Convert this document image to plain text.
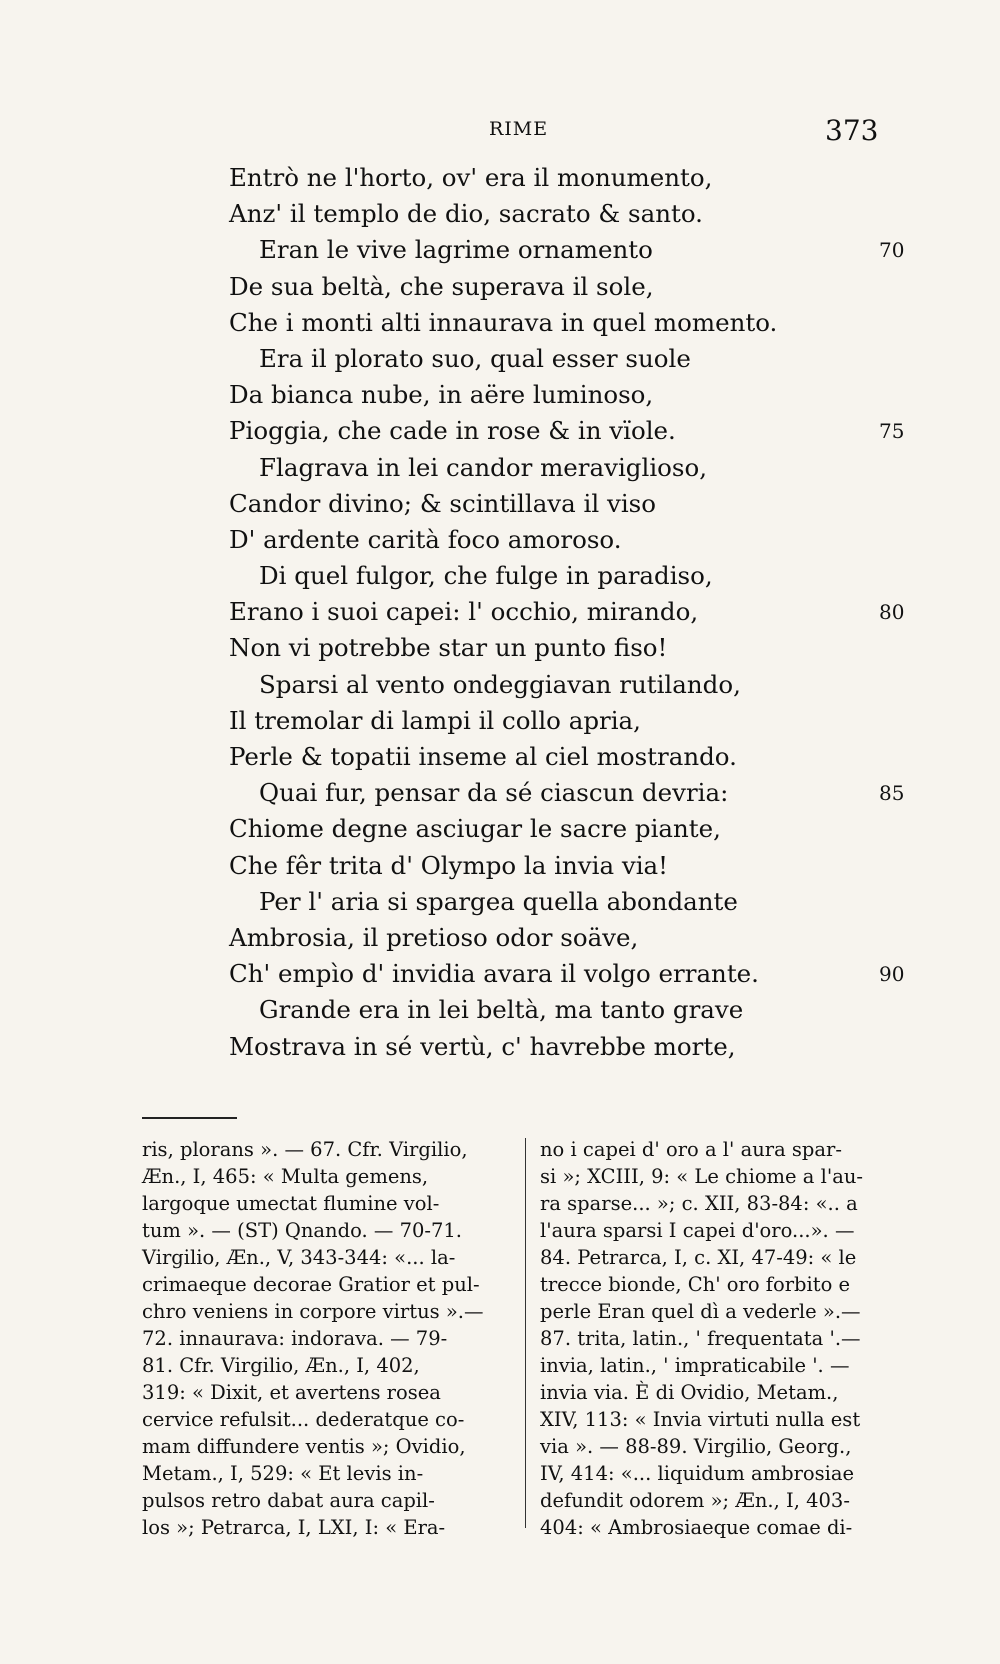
RIME	373
Entrò ne l'horto, ov' era il monumento,
Anz' il templo de dio, sacrato & santo.
Eran le vive lagrime ornamento	70
De sua beltà, che superava il sole,
Che i monti alti innaurava in quel momento.
Era il plorato suo, qual esser suole
Da bianca nube, in aëre luminoso,
Pioggia, che cade in rose & in vïole.	75
Flagrava in lei candor meraviglioso,
Candor divino; & scintillava il viso
D' ardente carità foco amoroso.
Di quel fulgor, che fulge in paradiso,
Erano i suoi capei: l' occhio, mirando,	80
Non vi potrebbe star un punto fiso!
Sparsi al vento ondeggiavan rutilando,
Il tremolar di lampi il collo apria,
Perle & topatii inseme al ciel mostrando.
Quai fur, pensar da sé ciascun devria:	85
Chiome degne asciugar le sacre piante,
Che fêr trita d' Olympo la invia via!
Per l' aria si spargea quella abondante
Ambrosia, il pretioso odor soäve,
Ch' empìo d' invidia avara il volgo errante.	90
Grande era in lei beltà, ma tanto grave
Mostrava in sé vertù, c' havrebbe morte,
ris, plorans ». — 67. Cfr. Virgilio,
Æn., I, 465: « Multa gemens,
largoque umectat flumine vol-
tum ». — (ST) Qnando. — 70-71.
Virgilio, Æn., V, 343-344: «... la-
crimaeque decorae Gratior et pul-
chro veniens in corpore virtus ».—
72. innaurava: indorava. — 79-
81. Cfr. Virgilio, Æn., I, 402,
319: « Dixit, et avertens rosea
cervice refulsit... dederatque co-
mam diffundere ventis »; Ovidio,
Metam., I, 529: « Et levis in-
pulsos retro dabat aura capil-
los »; Petrarca, I, LXI, I: « Era-
no i capei d' oro a l' aura spar-
si »; XCIII, 9: « Le chiome a l'au-
ra sparse... »; c. XII, 83-84: «.. a
l'aura sparsi I capei d'oro...». —
84. Petrarca, I, c. XI, 47-49: « le
trecce bionde, Ch' oro forbito e
perle Eran quel dì a vederle ».—
87. trita, latin., ' frequentata '.—
invia, latin., ' impraticabile '. —
invia via. È di Ovidio, Metam.,
XIV, 113: « Invia virtuti nulla est
via ». — 88-89. Virgilio, Georg.,
IV, 414: «... liquidum ambrosiae
defundit odorem »; Æn., I, 403-
404: « Ambrosiaeque comae di-
